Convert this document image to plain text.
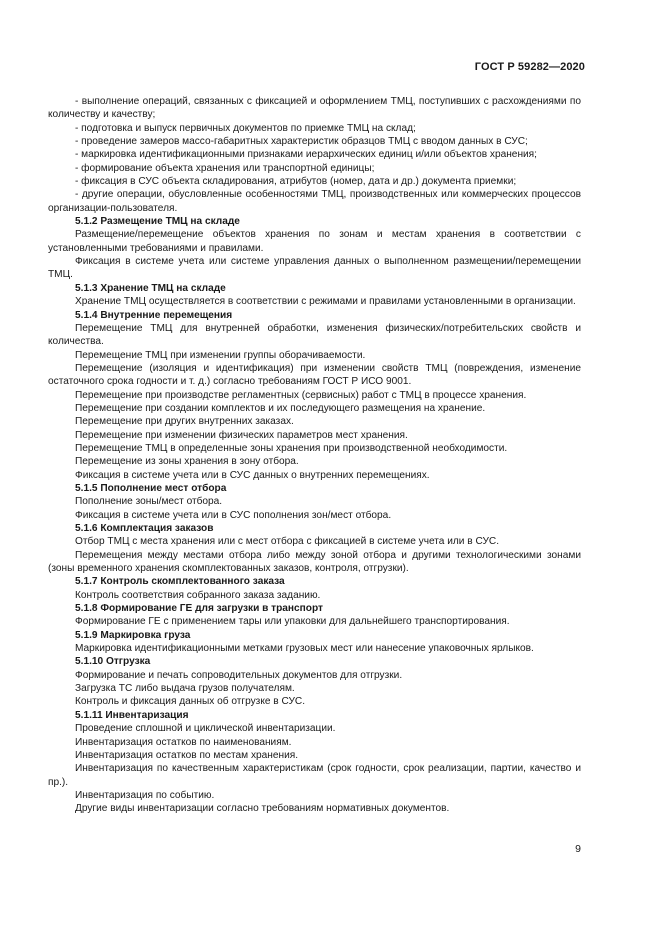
ГОСТ Р 59282—2020

- выполнение операций, связанных с фиксацией и оформлением ТМЦ, поступивших с расхождениями по количеству и качеству;

- подготовка и выпуск первичных документов по приемке ТМЦ на склад;

- проведение замеров массо-габаритных характеристик образцов ТМЦ с вводом данных в СУС;

- маркировка идентификационными признаками иерархических единиц и/или объектов хранения;

- формирование объекта хранения или транспортной единицы;

- фиксация в СУС объекта складирования, атрибутов (номер, дата и др.) документа приемки;

- другие операции, обусловленные особенностями ТМЦ, производственных или коммерческих процессов организации-пользователя.

5.1.2 Размещение ТМЦ на складе

Размещение/перемещение объектов хранения по зонам и местам хранения в соответствии с установленными требованиями и правилами.

Фиксация в системе учета или системе управления данных о выполненном размещении/перемещении ТМЦ.

5.1.3 Хранение ТМЦ на складе

Хранение ТМЦ осуществляется в соответствии с режимами и правилами установленными в организации.

5.1.4 Внутренние перемещения

Перемещение ТМЦ для внутренней обработки, изменения физических/потребительских свойств и количества.

Перемещение ТМЦ при изменении группы оборачиваемости.

Перемещение (изоляция и идентификация) при изменении свойств ТМЦ (повреждения, изменение остаточного срока годности и т. д.) согласно требованиям ГОСТ Р ИСО 9001.

Перемещение при производстве регламентных (сервисных) работ с ТМЦ в процессе хранения.

Перемещение при создании комплектов и их последующего размещения на хранение.

Перемещение при других внутренних заказах.

Перемещение при изменении физических параметров мест хранения.

Перемещение ТМЦ в определенные зоны хранения при производственной необходимости.

Перемещение из зоны хранения в зону отбора.

Фиксация в системе учета или в СУС данных о внутренних перемещениях.

5.1.5 Пополнение мест отбора

Пополнение зоны/мест отбора.

Фиксация в системе учета или в СУС пополнения зон/мест отбора.

5.1.6 Комплектация заказов

Отбор ТМЦ с места хранения или с мест отбора с фиксацией в системе учета или в СУС.

Перемещения между местами отбора либо между зоной отбора и другими технологическими зонами (зоны временного хранения скомплектованных заказов, контроля, отгрузки).

5.1.7 Контроль скомплектованного заказа

Контроль соответствия собранного заказа заданию.

5.1.8 Формирование ГЕ для загрузки в транспорт

Формирование ГЕ с применением тары или упаковки для дальнейшего транспортирования.

5.1.9 Маркировка груза

Маркировка идентификационными метками грузовых мест или нанесение упаковочных ярлыков.

5.1.10 Отгрузка

Формирование и печать сопроводительных документов для отгрузки.

Загрузка ТС либо выдача грузов получателям.

Контроль и фиксация данных об отгрузке в СУС.

5.1.11 Инвентаризация

Проведение сплошной и циклической инвентаризации.

Инвентаризация остатков по наименованиям.

Инвентаризация остатков по местам хранения.

Инвентаризация по качественным характеристикам (срок годности, срок реализации, партии, качество и пр.).

Инвентаризация по событию.

Другие виды инвентаризации согласно требованиям нормативных документов.

9
